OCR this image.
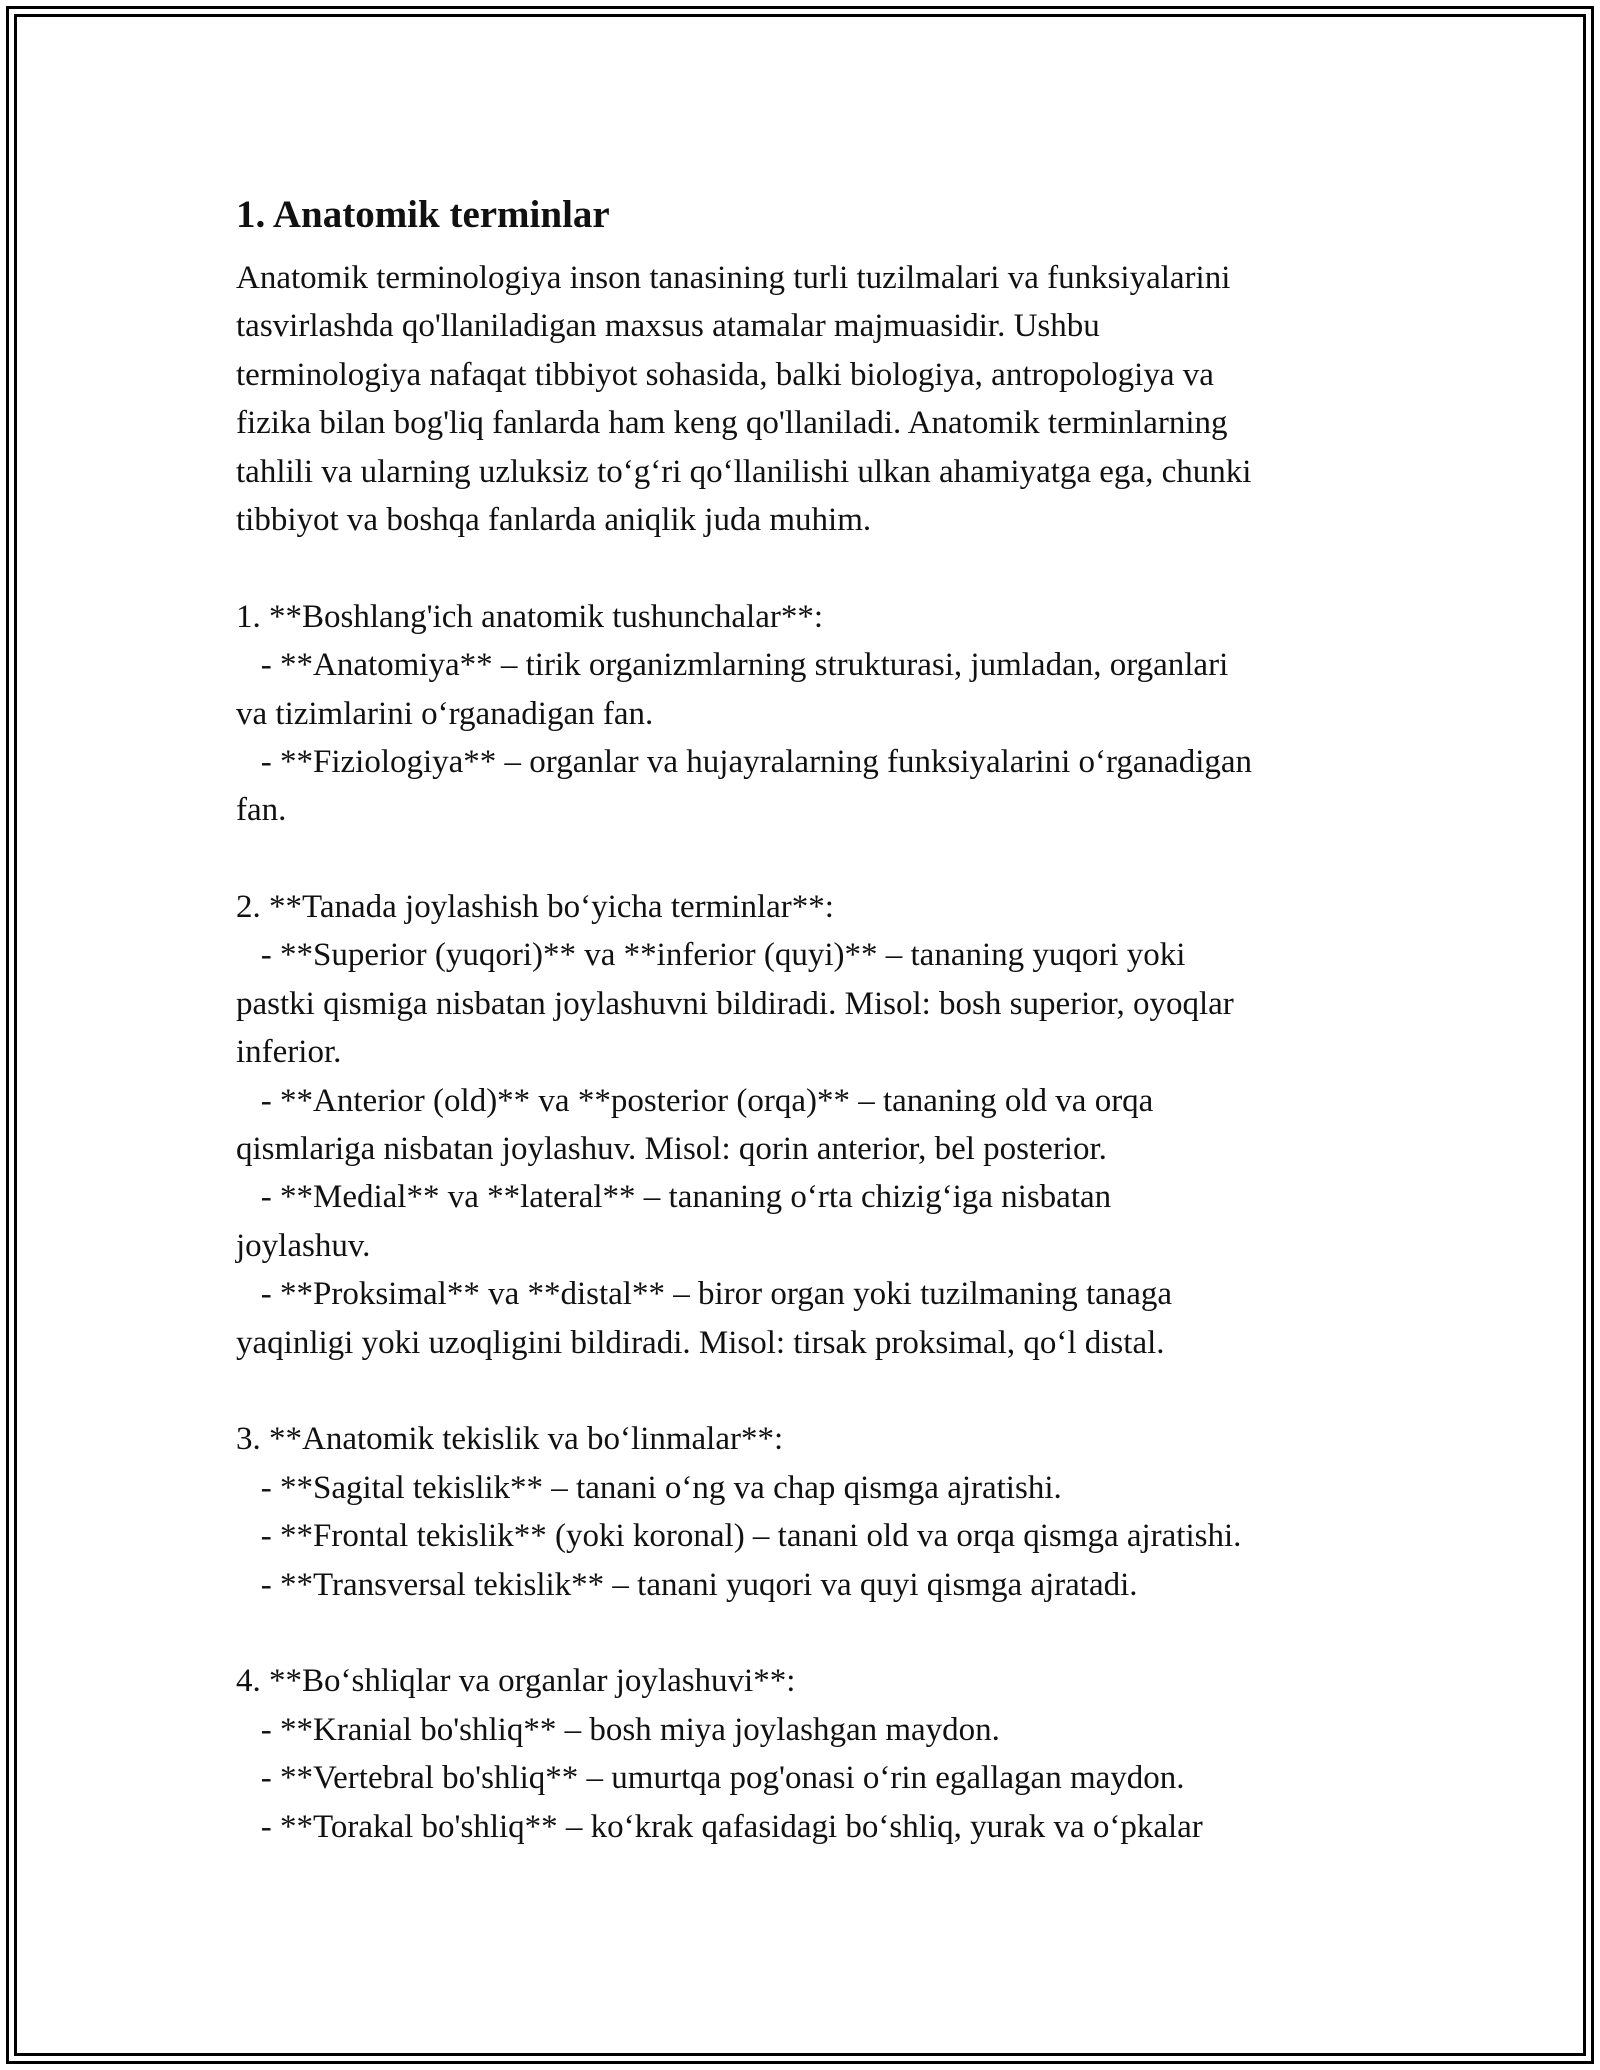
1. Anatomik terminlar
Anatomik terminologiya inson tanasining turli tuzilmalari va funksiyalarini
tasvirlashda qo'llaniladigan maxsus atamalar majmuasidir. Ushbu
terminologiya nafaqat tibbiyot sohasida, balki biologiya, antropologiya va
fizika bilan bog'liq fanlarda ham keng qo'llaniladi. Anatomik terminlarning
tahlili va ularning uzluksiz to‘g‘ri qo‘llanilishi ulkan ahamiyatga ega, chunki
tibbiyot va boshqa fanlarda aniqlik juda muhim.
1. **Boshlang'ich anatomik tushunchalar**:
- **Anatomiya** – tirik organizmlarning strukturasi, jumladan, organlari
va tizimlarini o‘rganadigan fan.
- **Fiziologiya** – organlar va hujayralarning funksiyalarini o‘rganadigan
fan.
2. **Tanada joylashish bo‘yicha terminlar**:
- **Superior (yuqori)** va **inferior (quyi)** – tananing yuqori yoki
pastki qismiga nisbatan joylashuvni bildiradi. Misol: bosh superior, oyoqlar
inferior.
- **Anterior (old)** va **posterior (orqa)** – tananing old va orqa
qismlariga nisbatan joylashuv. Misol: qorin anterior, bel posterior.
- **Medial** va **lateral** – tananing o‘rta chizig‘iga nisbatan
joylashuv.
- **Proksimal** va **distal** – biror organ yoki tuzilmaning tanaga
yaqinligi yoki uzoqligini bildiradi. Misol: tirsak proksimal, qo‘l distal.
3. **Anatomik tekislik va bo‘linmalar**:
- **Sagital tekislik** – tanani o‘ng va chap qismga ajratishi.
- **Frontal tekislik** (yoki koronal) – tanani old va orqa qismga ajratishi.
- **Transversal tekislik** – tanani yuqori va quyi qismga ajratadi.
4. **Bo‘shliqlar va organlar joylashuvi**:
- **Kranial bo'shliq** – bosh miya joylashgan maydon.
- **Vertebral bo'shliq** – umurtqa pog'onasi o‘rin egallagan maydon.
- **Torakal bo'shliq** – ko‘krak qafasidagi bo‘shliq, yurak va o‘pkalar
